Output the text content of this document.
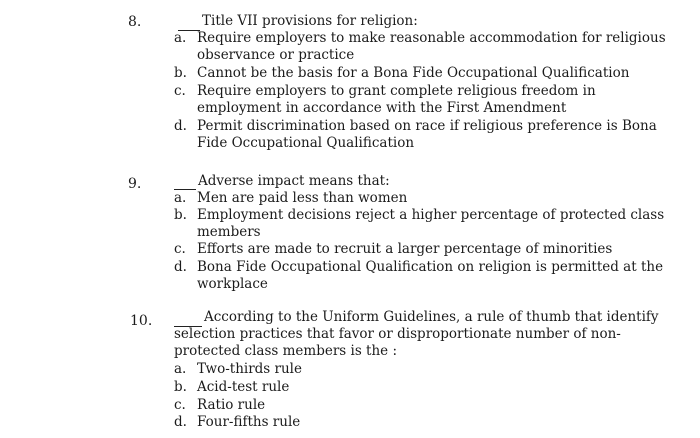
8.	Title VII provisions for religion:
a. Require employers to make reasonable accommodation for religious
observance or practice
b. Cannot be the basis for a Bona Fide Occupational Qualification
c. Require employers to grant complete religious freedom in
employment in accordance with the First Amendment
d. Permit discrimination based on race if religious preference is Bona
Fide Occupational Qualification
9.	Adverse impact means that:
a. Men are paid less than women
b. Employment decisions reject a higher percentage of protected class
members
c. Efforts are made to recruit a larger percentage of minorities
d. Bona Fide Occupational Qualification on religion is permitted at the
workplace
10.	According to the Uniform Guidelines, a rule of thumb that identify
selection practices that favor or disproportionate number of non-
protected class members is the :
a. Two-thirds rule
b. Acid-test rule
c. Ratio rule
d. Four-fifths rule
